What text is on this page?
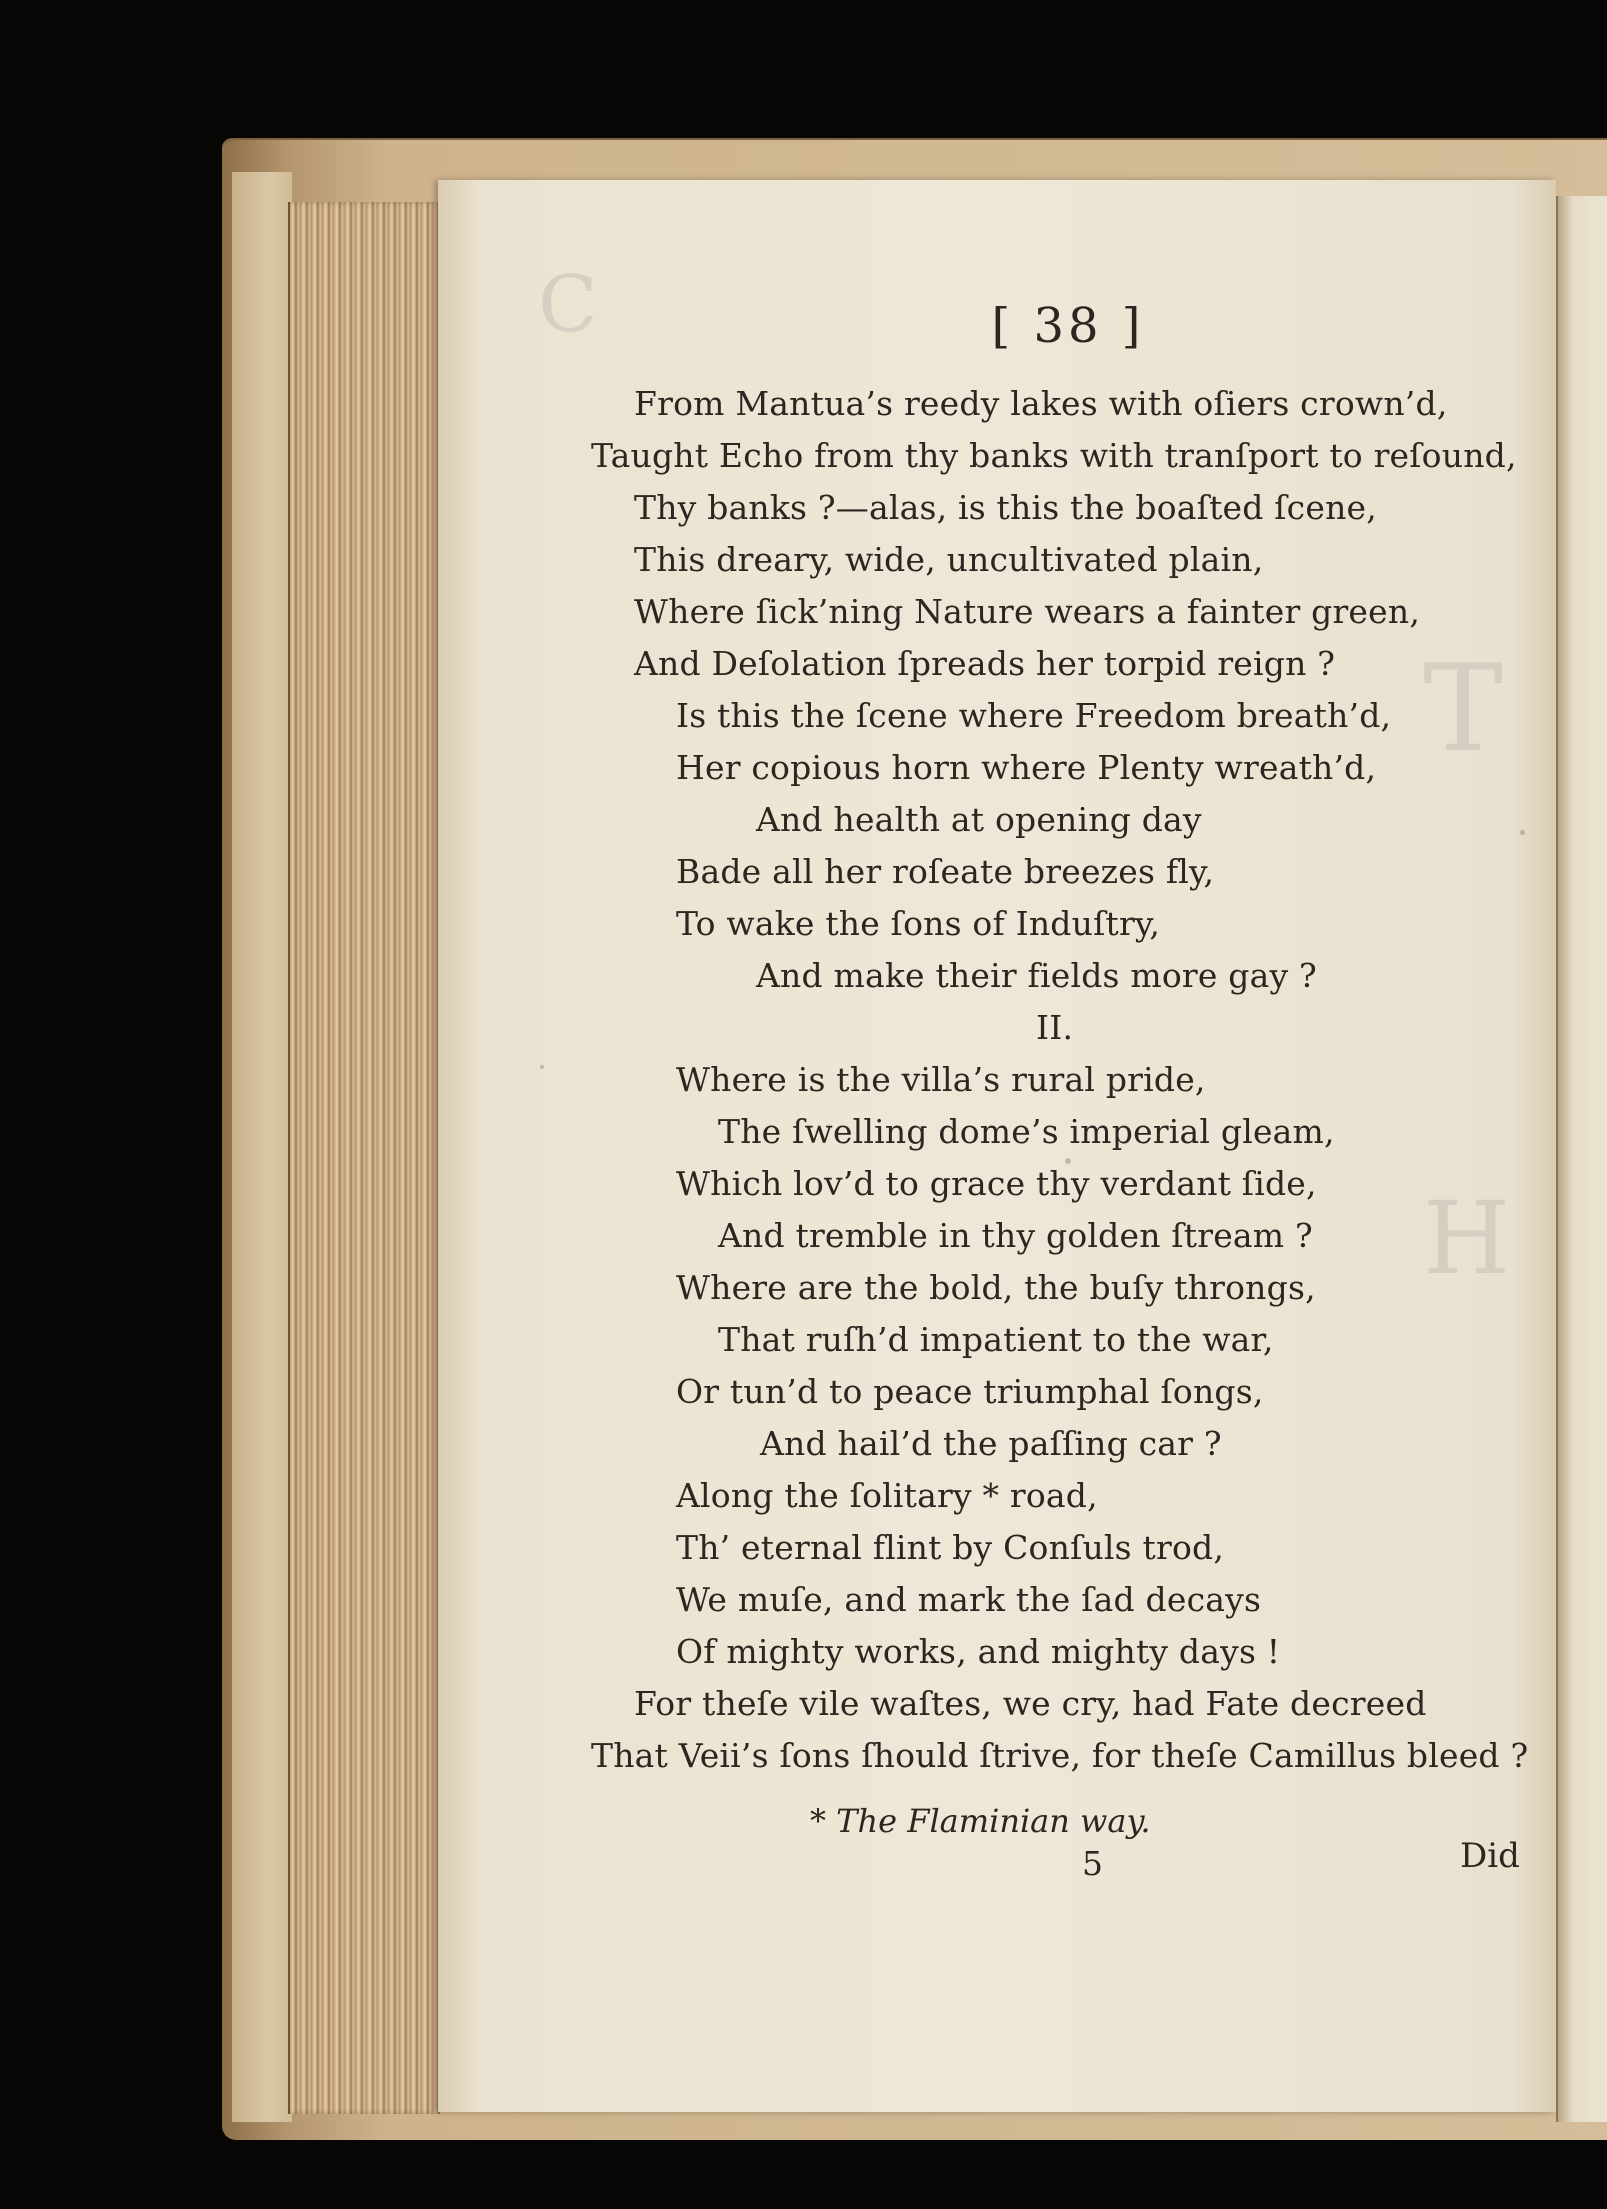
C
T
H
[ 38 ]
From Mantua’s reedy lakes with oſiers crown’d,
Taught Echo from thy banks with tranſport to reſound,
Thy banks ?—alas, is this the boaſted ſcene,
This dreary, wide, uncultivated plain,
Where ſick’ning Nature wears a fainter green,
And Deſolation ſpreads her torpid reign ?
Is this the ſcene where Freedom breath’d,
Her copious horn where Plenty wreath’d,
And health at opening day
Bade all her roſeate breezes fly,
To wake the ſons of Induſtry,
And make their fields more gay ?
II.
Where is the villa’s rural pride,
The ſwelling dome’s imperial gleam,
Which lov’d to grace thy verdant ſide,
And tremble in thy golden ſtream ?
Where are the bold, the buſy throngs,
That ruſh’d impatient to the war,
Or tun’d to peace triumphal ſongs,
And hail’d the paſſing car ?
Along the ſolitary * road,
Th’ eternal flint by Conſuls trod,
We muſe, and mark the ſad decays
Of mighty works, and mighty days !
For theſe vile waſtes, we cry, had Fate decreed
That Veii’s ſons ſhould ſtrive, for theſe Camillus bleed ?
* The Flaminian way.
5	Did
